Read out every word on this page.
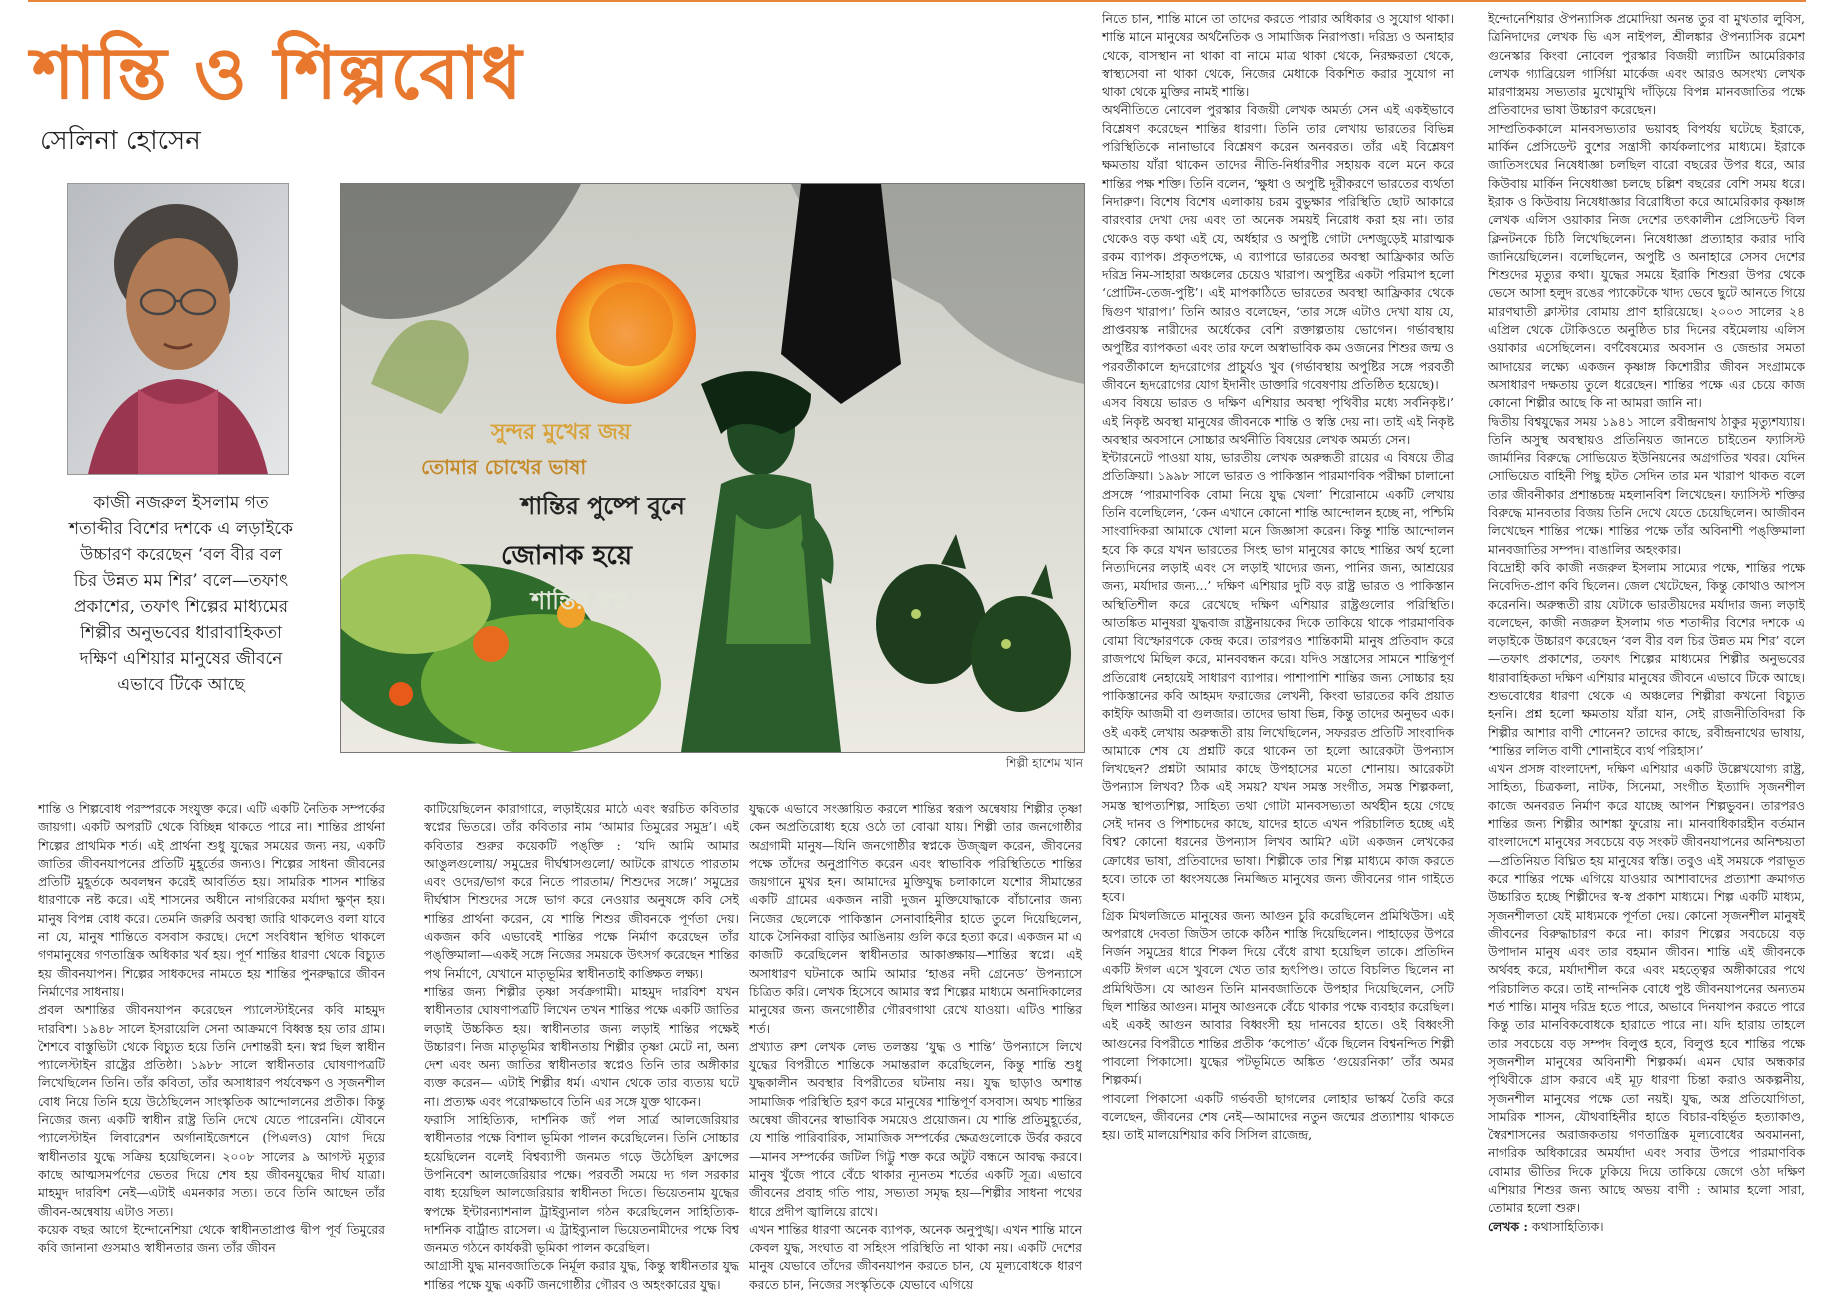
শান্তি ও শিল্পবোধ
সেলিনা হোসেন
কাজী নজরুল ইসলাম গত শতাব্দীর বিশের দশকে এ লড়াইকে উচ্চারণ করেছেন ‘বল বীর বল চির উন্নত মম শির’ বলে—তফাৎ প্রকাশের, তফাৎ শিল্পের মাধ্যমের শিল্পীর অনুভবের ধারাবাহিকতা দক্ষিণ এশিয়ার মানুষের জীবনে এভাবে টিকে আছে
সুন্দর মুখের জয়
তোমার চোখের ভাষা
শান্তির পুষ্পে বুনে
জোনাক হয়ে
শান্তির স্বপ্ন
শিল্পী হাশেম খান

শান্তি ও শিল্পবোধ পরস্পরকে সংযুক্ত করে। এটি একটি নৈতিক সম্পর্কের জায়গা। একটি অপরটি থেকে বিচ্ছিন্ন থাকতে পারে না। শান্তির প্রার্থনা শিল্পের প্রাথমিক শর্ত। এই প্রার্থনা শুধু যুদ্ধের সময়ের জন্য নয়, একটি জাতির জীবনযাপনের প্রতিটি মুহূর্তের জন্যও। শিল্পের সাধনা জীবনের প্রতিটি মুহূর্তকে অবলম্বন করেই আবর্তিত হয়। সামরিক শাসন শান্তির ধারণাকে নষ্ট করে। এই শাসনের অধীনে নাগরিকের মর্যাদা ক্ষুণ্ন হয়। মানুষ বিপন্ন বোধ করে। তেমনি জরুরি অবস্থা জারি থাকলেও বলা যাবে না যে, মানুষ শান্তিতে বসবাস করছে। দেশে সংবিধান স্থগিত থাকলে গণমানুষের গণতান্ত্রিক অধিকার খর্ব হয়। পূর্ণ শান্তির ধারণা থেকে বিচ্যুত হয় জীবনযাপন। শিল্পের সাধকদের নামতে হয় শান্তির পুনরুদ্ধারে জীবন নির্মাণের সাধনায়।

প্রবল অশান্তির জীবনযাপন করেছেন প্যালেস্টাইনের কবি মাহমুদ দারবিশ। ১৯৪৮ সালে ইসরায়েলি সেনা আক্রমণে বিধ্বস্ত হয় তার গ্রাম। শৈশবে বাস্তুভিটা থেকে বিচ্যুত হয়ে তিনি দেশান্তরী হন। স্বপ্ন ছিল স্বাধীন প্যালেস্টাইন রাষ্ট্রের প্রতিষ্ঠা। ১৯৮৮ সালে স্বাধীনতার ঘোষণাপত্রটি লিখেছিলেন তিনি। তাঁর কবিতা, তাঁর অসাধারণ পর্যবেক্ষণ ও সৃজনশীল বোধ নিয়ে তিনি হয়ে উঠেছিলেন সাংস্কৃতিক আন্দোলনের প্রতীক। কিন্তু নিজের জন্য একটি স্বাধীন রাষ্ট্র তিনি দেখে যেতে পারেননি। যৌবনে প্যালেস্টাইন লিবারেশন অর্গানাইজেশনে (পিএলও) যোগ দিয়ে স্বাধীনতার যুদ্ধে সক্রিয় হয়েছিলেন। ২০০৮ সালের ৯ আগস্ট মৃত্যুর কাছে আত্মসমর্পণের ভেতর দিয়ে শেষ হয় জীবনযুদ্ধের দীর্ঘ যাত্রা। মাহমুদ দারবিশ নেই—এটাই এমনকার সত্য। তবে তিনি আছেন তাঁর জীবন-অন্বেষায় এটাও সত্য।

কয়েক বছর আগে ইন্দোনেশিয়া থেকে স্বাধীনতাপ্রাপ্ত দ্বীপ পূর্ব তিমুরের কবি জানানা গুসমাও স্বাধীনতার জন্য তাঁর জীবন

কাটিয়েছিলেন কারাগারে, লড়াইয়ের মাঠে এবং স্বরচিত কবিতার স্বপ্নের ভিতরে। তাঁর কবিতার নাম ‘আমার তিমুরের সমুদ্র’। এই কবিতার শুরুর কয়েকটি পঙ্‌ক্তি : ‘যদি আমি আমার আঙুলগুলোয়/ সমুদ্রের দীর্ঘশ্বাসগুলো/ আটকে রাখতে পারতাম এবং ওদের/ভাগ করে নিতে পারতাম/ শিশুদের সঙ্গে।’ সমুদ্রের দীর্ঘশ্বাস শিশুদের সঙ্গে ভাগ করে নেওয়ার অনুষঙ্গে কবি সেই শান্তির প্রার্থনা করেন, যে শান্তি শিশুর জীবনকে পূর্ণতা দেয়। একজন কবি এভাবেই শান্তির পক্ষে নির্মাণ করেছেন তাঁর পঙ্‌ক্তিমালা—একই সঙ্গে নিজের সময়কে উৎসর্গ করেছেন শান্তির পথ নির্মাণে, যেখানে মাতৃভূমির স্বাধীনতাই কাঙ্ক্ষিত লক্ষ্য।

শান্তির জন্য শিল্পীর তৃষ্ণা সর্বক্রগামী। মাহমুদ দারবিশ যখন স্বাধীনতার ঘোষণাপত্রটি লিখেন তখন শান্তির পক্ষে একটি জাতির লড়াই উচ্চকিত হয়। স্বাধীনতার জন্য লড়াই শান্তির পক্ষেই উচ্চারণ। নিজ মাতৃভূমির স্বাধীনতায় শিল্পীর তৃষ্ণা মেটে না, অন্য দেশ এবং অন্য জাতির স্বাধীনতার স্বপ্নেও তিনি তার অঙ্গীকার ব্যক্ত করেন— এটাই শিল্পীর ধর্ম। এখান থেকে তার ব্যত্যয় ঘটে না। প্রত্যক্ষ এবং পরোক্ষভাবে তিনি এর সঙ্গে যুক্ত থাকেন।

ফরাসি সাহিত্যিক, দার্শনিক জ্যঁ পল সার্ত্র আলজেরিয়ার স্বাধীনতার পক্ষে বিশাল ভূমিকা পালন করেছিলেন। তিনি সোচ্চার হয়েছিলেন বলেই বিশ্বব্যাপী জনমত গড়ে উঠেছিল ফ্রান্সের উপনিবেশ আলজেরিয়ার পক্ষে। পরবর্তী সময়ে দ্য গল সরকার বাধ্য হয়েছিল আলজেরিয়ার স্বাধীনতা দিতে। ভিয়েতনাম যুদ্ধের স্বপক্ষে ইন্টারন্যাশনাল ট্রাইব্যুনাল গঠন করেছিলেন সাহিত্যিক-দার্শনিক বার্ট্রান্ড রাসেল। এ ট্রাইব্যুনাল ভিয়েতনামীদের পক্ষে বিশ্ব জনমত গঠনে কার্যকরী ভূমিকা পালন করেছিল।

আগ্রাসী যুদ্ধ মানবজাতিকে নির্মূল করার যুদ্ধ, কিন্তু স্বাধীনতার যুদ্ধ শান্তির পক্ষে যুদ্ধ একটি জনগোষ্ঠীর গৌরব ও অহংকারের যুদ্ধ।

যুদ্ধকে এভাবে সংজ্ঞায়িত করলে শান্তির স্বরূপ অন্বেষায় শিল্পীর তৃষ্ণা কেন অপ্রতিরোধ্য হয়ে ওঠে তা বোঝা যায়। শিল্পী তার জনগোষ্ঠীর অগ্রগামী মানুষ—যিনি জনগোষ্ঠীর স্বপ্নকে উজ্জ্বল করেন, জীবনের পক্ষে তাঁদের অনুপ্রাণিত করেন এবং স্বাভাবিক পরিস্থিতিতে শান্তির জয়গানে মুখর হন। আমাদের মুক্তিযুদ্ধ চলাকালে যশোর সীমান্তের একটি গ্রামের একজন নারী দুজন মুক্তিযোদ্ধাকে বাঁচানোর জন্য নিজের ছেলেকে পাকিস্তান সেনাবাহিনীর হাতে তুলে দিয়েছিলেন, যাকে সৈনিকরা বাড়ির আঙিনায় গুলি করে হত্যা করে। একজন মা এ কাজটি করেছিলেন স্বাধীনতার আকাঙ্ক্ষায়—শান্তির স্বপ্নে। এই অসাধারণ ঘটনাকে আমি আমার ‘হাঙর নদী গ্রেনেড’ উপন্যাসে চিত্রিত করি। লেখক হিসেবে আমার স্বপ্ন শিল্পের মাধ্যমে অনাদিকালের মানুষের জন্য জনগোষ্ঠীর গৌরবগাথা রেখে যাওয়া। এটিও শান্তির শর্ত।

প্রখ্যাত রুশ লেখক লেভ তলস্তয় ‘যুদ্ধ ও শান্তি’ উপন্যাসে লিখে যুদ্ধের বিপরীতে শান্তিকে সমান্তরাল করেছিলেন, কিন্তু শান্তি শুধু যুদ্ধকালীন অবস্থার বিপরীতের ঘটনায় নয়। যুদ্ধ ছাড়াও অশান্ত সামাজিক পরিস্থিতি হরণ করে মানুষের শান্তিপূর্ণ বসবাস। অথচ শান্তির অন্বেষা জীবনের স্বাভাবিক সময়েও প্রয়োজন। যে শান্তি প্রতিমুহূর্তের, যে শান্তি পারিবারিক, সামাজিক সম্পর্কের ক্ষেত্রগুলোকে উর্বর করবে—মানব সম্পর্কের জটিল গিট্টু শক্ত করে অটুট বন্ধনে আবদ্ধ করবে। মানুষ খুঁজে পাবে বেঁচে থাকার ন্যূনতম শর্তের একটি সূত্র। এভাবে জীবনের প্রবাহ গতি পায়, সভ্যতা সমৃদ্ধ হয়—শিল্পীর সাধনা পথের ধারে প্রদীপ জ্বালিয়ে রাখে।

এখন শান্তির ধারণা অনেক ব্যাপক, অনেক অনুপুঙ্খ। এখন শান্তি মানে কেবল যুদ্ধ, সংঘাত বা সহিংস পরিস্থিতি না থাকা নয়। একটি দেশের মানুষ যেভাবে তাঁদের জীবনযাপন করতে চান, যে মূল্যবোধকে ধারণ করতে চান, নিজের সংস্কৃতিকে যেভাবে এগিয়ে

নিতে চান, শান্তি মানে তা তাদের করতে পারার অধিকার ও সুযোগ থাকা। শান্তি মানে মানুষের অর্থনৈতিক ও সামাজিক নিরাপত্তা। দরিদ্র্য ও অনাহার থেকে, বাসস্থান না থাকা বা নামে মাত্র থাকা থেকে, নিরক্ষরতা থেকে, স্বাস্থ্যসেবা না থাকা থেকে, নিজের মেধাকে বিকশিত করার সুযোগ না থাকা থেকে মুক্তির নামই শান্তি।

অর্থনীতিতে নোবেল পুরস্কার বিজয়ী লেখক অমর্ত্য সেন এই একইভাবে বিশ্লেষণ করেছেন শান্তির ধারণা। তিনি তার লেখায় ভারতের বিভিন্ন পরিস্থিতিকে নানাভাবে বিশ্লেষণ করেন অনবরত। তাঁর এই বিশ্লেষণ ক্ষমতায় যাঁরা থাকেন তাদের নীতি-নির্ধারণীর সহায়ক বলে মনে করে শান্তির পক্ষ শক্তি। তিনি বলেন, ‘ক্ষুধা ও অপুষ্টি দূরীকরণে ভারতের ব্যর্থতা নিদারুণ। বিশেষ বিশেষ এলাকায় চরম বুভুক্ষার পরিস্থিতি ছোট আকারে বারংবার দেখা দেয় এবং তা অনেক সময়ই নিরোধ করা হয় না। তার থেকেও বড় কথা এই যে, অর্ধহার ও অপুষ্টি গোটা দেশজুড়েই মারাত্মক রকম ব্যাপক। প্রকৃতপক্ষে, এ ব্যাপারে ভারতের অবস্থা আফ্রিকার অতি দরিদ্র নিম-সাহারা অঞ্চলের চেয়েও খারাপ। অপুষ্টির একটা পরিমাপ হলো ‘প্রোটিন-তেজ-পুষ্টি’। এই মাপকাঠিতে ভারতের অবস্থা আফ্রিকার থেকে দ্বিগুণ খারাপ।’ তিনি আরও বলেছেন, ‘তার সঙ্গে এটাও দেখা যায় যে, প্রাপ্তবয়স্ক নারীদের অর্ধেকের বেশি রক্তাল্পতায় ভোগেন। গর্ভাবস্থায় অপুষ্টির ব্যাপকতা এবং তার ফলে অস্বাভাবিক কম ওজনের শিশুর জন্ম ও পরবর্তীকালে হৃদরোগের প্রাচুর্যও খুব (গর্ভাবস্থায় অপুষ্টির সঙ্গে পরবর্তী জীবনে হৃদরোগের যোগ ইদানীং ডাক্তারি গবেষণায় প্রতিষ্ঠিত হয়েছে)।

এসব বিষয়ে ভারত ও দক্ষিণ এশিয়ার অবস্থা পৃথিবীর মধ্যে সর্বনিকৃষ্ট।’ এই নিকৃষ্ট অবস্থা মানুষের জীবনকে শান্তি ও স্বস্তি দেয় না। তাই এই নিকৃষ্ট অবস্থার অবসানে সোচ্চার অর্থনীতি বিষয়ের লেখক অমর্ত্য সেন।

ইন্টারনেটে পাওয়া যায়, ভারতীয় লেখক অরুন্ধতী রায়ের এ বিষয়ে তীব্র প্রতিক্রিয়া। ১৯৯৮ সালে ভারত ও পাকিস্তান পারমাণবিক পরীক্ষা চালানো প্রসঙ্গে ‘পারমাণবিক বোমা নিয়ে যুদ্ধ খেলা’ শিরোনামে একটি লেখায় তিনি বলেছিলেন, ‘কেন এখানে কোনো শান্তি আন্দোলন হচ্ছে না, পশ্চিমি সাংবাদিকরা আমাকে খোলা মনে জিজ্ঞাসা করেন। কিন্তু শান্তি আন্দোলন হবে কি করে যখন ভারতের সিংহ ভাগ মানুষের কাছে শান্তির অর্থ হলো নিত্যদিনের লড়াই এবং সে লড়াই খাদ্যের জন্য, পানির জন্য, আশ্রয়ের জন্য, মর্যাদার জন্য...’ দক্ষিণ এশিয়ার দুটি বড় রাষ্ট্র ভারত ও পাকিস্তান অস্থিতিশীল করে রেখেছে দক্ষিণ এশিয়ার রাষ্ট্রগুলোর পরিস্থিতি। আতঙ্কিত মানুষরা যুদ্ধবাজ রাষ্ট্রনায়কের দিকে তাকিয়ে থাকে পারমাণবিক বোমা বিস্ফোরণকে কেন্দ্র করে। তারপরও শান্তিকামী মানুষ প্রতিবাদ করে রাজপথে মিছিল করে, মানববন্ধন করে। যদিও সন্ত্রাসের সামনে শান্তিপূর্ণ প্রতিরোধ নেহায়েই সাধারণ ব্যাপার। পাশাপাশি শান্তির জন্য সোচ্চার হয় পাকিস্তানের কবি আহমদ ফরাজের লেখনী, কিংবা ভারতের কবি প্রয়াত কাইফি আজমী বা গুলজার। তাদের ভাষা ভিন্ন, কিন্তু তাদের অনুভব এক। ওই একই লেখায় অরুন্ধতী রায় লিখেছিলেন, সফররত প্রতিটি সাংবাদিক আমাকে শেষ যে প্রশ্নটি করে থাকেন তা হলো আরেকটা উপন্যাস লিখছেন? প্রশ্নটা আমার কাছে উপহাসের মতো শোনায়। আরেকটা উপন্যাস লিখব? ঠিক এই সময়? যখন সমস্ত সংগীত, সমস্ত শিল্পকলা, সমস্ত স্থাপত্যশিল্প, সাহিত্য তথা গোটা মানবসভ্যতা অর্থহীন হয়ে গেছে সেই দানব ও পিশাচদের কাছে, যাদের হাতে এখন পরিচালিত হচ্ছে এই বিশ্ব? কোনো ধরনের উপন্যাস লিখব আমি? এটা একজন লেখকের ক্রোধের ভাষা, প্রতিবাদের ভাষা। শিল্পীকে তার শিল্প মাধ্যমে কাজ করতে হবে। তাকে তা ধ্বংসযজ্ঞে নিমজ্জিত মানুষের জন্য জীবনের গান গাইতে হবে।

গ্রিক মিথলজিতে মানুষের জন্য আগুন চুরি করেছিলেন প্রমিথিউস। এই অপরাধে দেবতা জিউস তাকে কঠিন শাস্তি দিয়েছিলেন। পাহাড়ের উপরে নির্জন সমুদ্রের ধারে শিকল দিয়ে বেঁধে রাখা হয়েছিল তাকে। প্রতিদিন একটি ঈগল এসে খুবলে খেত তার হৃৎপিণ্ড। তাতে বিচলিত ছিলেন না প্রমিথিউস। যে আগুন তিনি মানবজাতিকে উপহার দিয়েছিলেন, সেটি ছিল শান্তির আগুন। মানুষ আগুনকে বেঁচে থাকার পক্ষে ব্যবহার করেছিল। এই একই আগুন আবার বিধ্বংসী হয় দানবের হাতে। ওই বিধ্বংসী আগুনের বিপরীতে শান্তির প্রতীক ‘কপোত’ এঁকে ছিলেন বিশ্বনন্দিত শিল্পী পাবলো পিকাসো। যুদ্ধের পটভূমিতে অঙ্কিত ‘গুয়েরনিকা’ তাঁর অমর শিল্পকর্ম।

পাবলো পিকাসো একটি গর্ভবতী ছাগলের লোহার ভাস্কর্য তৈরি করে বলেছেন, জীবনের শেষ নেই—আমাদের নতুন জন্মের প্রত্যাশায় থাকতে হয়। তাই মালয়েশিয়ার কবি সিসিল রাজেন্দ্র,

ইন্দোনেশিয়ার ঔপন্যাসিক প্রমোদিয়া অনন্ত তুর বা মুখতার লুবিস, ত্রিনিদাদের লেখক ভি এস নাইপল, শ্রীলঙ্কার ঔপন্যাসিক রমেশ গুনেস্কার কিংবা নোবেল পুরস্কার বিজয়ী ল্যাটিন আমেরিকার লেখক গ্যাব্রিয়েল গার্সিয়া মার্কেজ এবং আরও অসংখ্য লেখক মারণাস্ত্রময় সভ্যতার মুখোমুখি দাঁড়িয়ে বিপন্ন মানবজাতির পক্ষে প্রতিবাদের ভাষা উচ্চারণ করেছেন।

সাম্প্রতিককালে মানবসভ্যতার ভয়াবহ বিপর্যয় ঘটেছে ইরাকে, মার্কিন প্রেসিডেন্ট বুশের সন্ত্রাসী কার্যকলাপের মাধ্যমে। ইরাকে জাতিসংঘের নিষেধাজ্ঞা চলছিল বারো বছরের উপর ধরে, আর কিউবায় মার্কিন নিষেধাজ্ঞা চলছে চল্লিশ বছরের বেশি সময় ধরে। ইরাক ও কিউবায় নিষেধাজ্ঞার বিরোধিতা করে আমেরিকার কৃষ্ণাঙ্গ লেখক এলিস ওয়াকার নিজ দেশের তৎকালীন প্রেসিডেন্ট বিল ক্লিনটনকে চিঠি লিখেছিলেন। নিষেধাজ্ঞা প্রত্যাহার করার দাবি জানিয়েছিলেন। বলেছিলেন, অপুষ্টি ও অনাহারে সেসব দেশের শিশুদের মৃত্যুর কথা। যুদ্ধের সময়ে ইরাকি শিশুরা উপর থেকে ভেসে আসা হলুদ রঙের প্যাকেটকে খাদ্য ভেবে ছুটে আনতে গিয়ে মারণঘাতী ক্লাস্টার বোমায় প্রাণ হারিয়েছে। ২০০৩ সালের ২৪ এপ্রিল থেকে টোকিওতে অনুষ্ঠিত চার দিনের বইমেলায় এলিস ওয়াকার এসেছিলেন। বর্ণবৈষম্যের অবসান ও জেন্ডার সমতা আদায়ের লক্ষ্যে একজন কৃষ্ণাঙ্গ কিশোরীর জীবন সংগ্রামকে অসাধারণ দক্ষতায় তুলে ধরেছেন। শান্তির পক্ষে এর চেয়ে কাজ কোনো শিল্পীর আছে কি না আমরা জানি না।

দ্বিতীয় বিশ্বযুদ্ধের সময় ১৯৪১ সালে রবীন্দ্রনাথ ঠাকুর মৃত্যুশয্যায়। তিনি অসুস্থ অবস্থায়ও প্রতিনিয়ত জানতে চাইতেন ফ্যাসিস্ট জার্মানির বিরুদ্ধে সোভিয়েত ইউনিয়নের অগ্রগতির খবর। যেদিন সোভিয়েত বাহিনী পিছু হটত সেদিন তার মন খারাপ থাকত বলে তার জীবনীকার প্রশান্তচন্দ্র মহলানবিশ লিখেছেন। ফ্যাসিস্ট শক্তির বিরুদ্ধে মানবতার বিজয় তিনি দেখে যেতে চেয়েছিলেন। আজীবন লিখেছেন শান্তির পক্ষে। শান্তির পক্ষে তাঁর অবিনাশী পঙ্‌ক্তিমালা মানবজাতির সম্পদ। বাঙালির অহংকার।

বিদ্রোহী কবি কাজী নজরুল ইসলাম সাম্যের পক্ষে, শান্তির পক্ষে নিবেদিত-প্রাণ কবি ছিলেন। জেল খেটেছেন, কিন্তু কোথাও আপস করেননি। অরুন্ধতী রায় যেটাকে ভারতীয়দের মর্যাদার জন্য লড়াই বলেছেন, কাজী নজরুল ইসলাম গত শতাব্দীর বিশের দশকে এ লড়াইকে উচ্চারণ করেছেন ‘বল বীর বল চির উন্নত মম শির’ বলে—তফাৎ প্রকাশের, তফাৎ শিল্পের মাধ্যমের শিল্পীর অনুভবের ধারাবাহিকতা দক্ষিণ এশিয়ার মানুষের জীবনে এভাবে টিকে আছে। শুভবোধের ধারণা থেকে এ অঞ্চলের শিল্পীরা কখনো বিচ্যুত হননি। প্রশ্ন হলো ক্ষমতায় যাঁরা যান, সেই রাজনীতিবিদরা কি শিল্পীর আশার বাণী শোনেন? তাদের কাছে, রবীন্দ্রনাথের ভাষায়, ‘শান্তির ললিত বাণী শোনাইবে ব্যর্থ পরিহাস।’

এখন প্রসঙ্গ বাংলাদেশ, দক্ষিণ এশিয়ার একটি উল্লেখযোগ্য রাষ্ট্র, সাহিত্য, চিত্রকলা, নাটক, সিনেমা, সংগীত ইত্যাদি সৃজনশীল কাজে অনবরত নির্মাণ করে যাচ্ছে আপন শিল্পভুবন। তারপরও শান্তির জন্য শিল্পীর আশঙ্কা ফুরোয় না। মানবাধিকারহীন বর্তমান বাংলাদেশে মানুষের সবচেয়ে বড় সংকট জীবনযাপনের অনিশ্চয়তা—প্রতিনিয়ত বিঘ্নিত হয় মানুষের স্বস্তি। তবুও এই সময়কে পরাভূত করে শান্তির পক্ষে এগিয়ে যাওয়ার আশাবাদের প্রত্যাশা ক্রমাগত উচ্চারিত হচ্ছে শিল্পীদের স্ব-স্ব প্রকাশ মাধ্যমে। শিল্প একটি মাধ্যম, সৃজনশীলতা যেই মাধ্যমকে পূর্ণতা দেয়। কোনো সৃজনশীল মানুষই জীবনের বিরুদ্ধাচারণ করে না। কারণ শিল্পের সবচেয়ে বড় উপাদান মানুষ এবং তার বহমান জীবন। শান্তি এই জীবনকে অর্থবহ করে, মর্যাদাশীল করে এবং মহত্ত্বের অঙ্গীকারের পথে পরিচালিত করে। তাই নান্দনিক বোধে পুষ্ট জীবনযাপনের অন্যতম শর্ত শান্তি। মানুষ দরিদ্র হতে পারে, অভাবে দিনযাপন করতে পারে কিন্তু তার মানবিকবোধকে হারাতে পারে না। যদি হারায় তাহলে তার সবচেয়ে বড় সম্পদ বিলুপ্ত হবে, বিলুপ্ত হবে শান্তির পক্ষে সৃজনশীল মানুষের অবিনাশী শিল্পকর্ম। এমন ঘোর অন্ধকার পৃথিবীকে গ্রাস করবে এই মূঢ় ধারণা চিন্তা করাও অকল্পনীয়, সৃজনশীল মানুষের পক্ষে তো নয়ই। যুদ্ধ, অস্ত্র প্রতিযোগিতা, সামরিক শাসন, যৌথবাহিনীর হাতে বিচার-বহির্ভূত হত্যাকাণ্ড, স্বৈরশাসনের অরাজকতায় গণতান্ত্রিক মূল্যবোধের অবমাননা, নাগরিক অধিকারের অমর্যাদা এবং সবার উপরে পারমাণবিক বোমার ভীতির দিকে ঢুকিয়ে দিয়ে তাকিয়ে জেগে ওঠা দক্ষিণ এশিয়ার শিশুর জন্য আছে অভয় বাণী : আমার হলো সারা, তোমার হলো শুরু।

লেখক : কথাসাহিত্যিক।
